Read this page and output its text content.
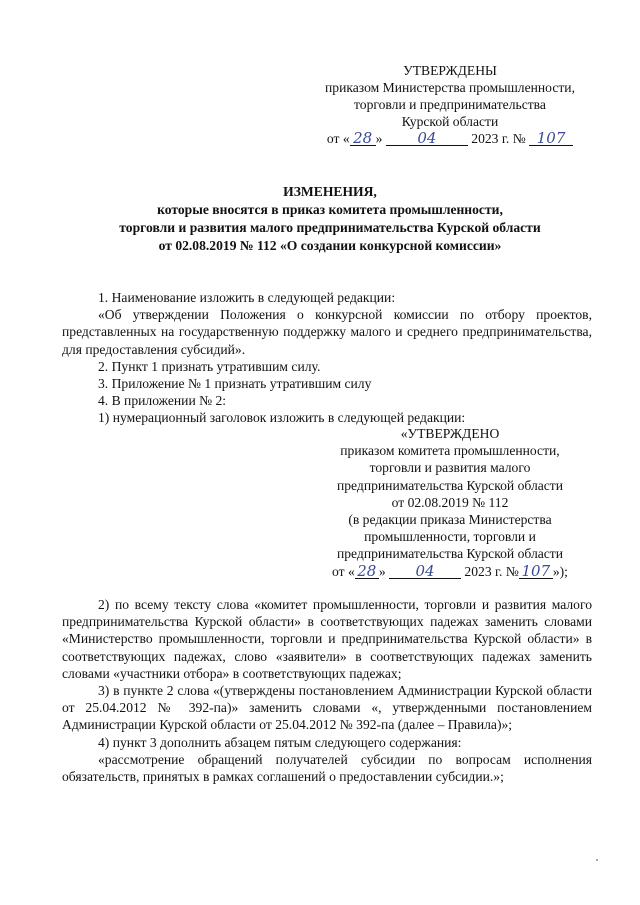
УТВЕРЖДЕНЫ
приказом Министерства промышленности,
торговли и предпринимательства
Курской области
от « 28 » 04	2023 г. № 107
ИЗМЕНЕНИЯ,
которые вносятся в приказ комитета промышленности,
торговли и развития малого предпринимательства Курской области
от 02.08.2019 № 112 «О создании конкурсной комиссии»

1. Наименование изложить в следующей редакции:

«Об утверждении Положения о конкурсной комиссии по отбору проектов, представленных на государственную поддержку малого и среднего предпринимательства, для предоставления субсидий».

2. Пункт 1 признать утратившим силу.

3. Приложение № 1 признать утратившим силу

4. В приложении № 2:

1) нумерационный заголовок изложить в следующей редакции:

«УТВЕРЖДЕНО
приказом комитета промышленности,
торговли и развития малого
предпринимательства Курской области
от 02.08.2019 № 112
(в редакции приказа Министерства
промышленности, торговли и
предпринимательства Курской области
от « 28 » 04 2023 г. № 107 »);

2) по всему тексту слова «комитет промышленности, торговли и развития малого предпринимательства Курской области» в соответствующих падежах заменить словами «Министерство промышленности, торговли и предпринимательства Курской области» в соответствующих падежах, слово «заявители» в соответствующих падежах заменить словами «участники отбора» в соответствующих падежах;

3) в пункте 2 слова «(утверждены постановлением Администрации Курской области от 25.04.2012 № 392-па)» заменить словами «, утвержденными постановлением Администрации Курской области от 25.04.2012 № 392-па (далее – Правила)»;

4) пункт 3 дополнить абзацем пятым следующего содержания:

«рассмотрение обращений получателей субсидии по вопросам исполнения обязательств, принятых в рамках соглашений о предоставлении субсидии.»;
